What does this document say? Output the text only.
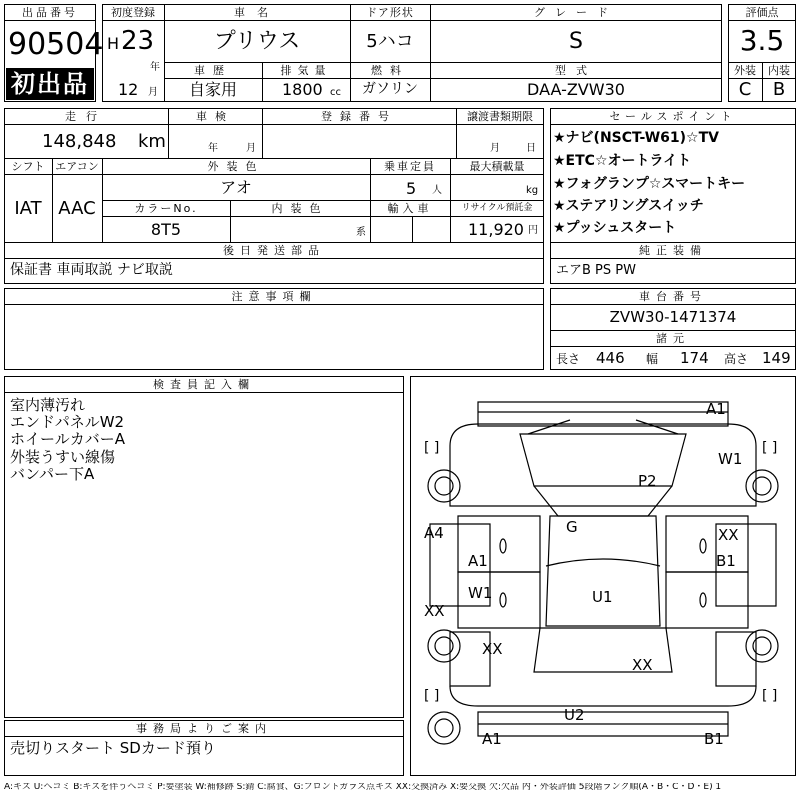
出品番号
90504
初出品
初度登録
H 23
年
12 月
車名
プリウス
ドア形状
5ハコ
グレード
S
車歴
自家用
排気量
1800 cc
燃料
ガソリン
型式
DAA-ZVW30
評価点
3.5
外装	内装
C	B
走行
148,848 km
車検
年	月
登録番号	譲渡書類期限
月	日
シフト
IAT
エアコン
AAC
外装色
アオ
乗車定員
5 人
最大積載量
kg
カラーNo.
8T5
内装色
系
輸入車	リサイクル預託金
11,920 円
後日発送部品
保証書 車両取説 ナビ取説
セールスポイント
★ナビ(NSCT-W61)☆TV
★ETC☆オートライト
★フォグランプ☆スマートキー
★ステアリングスイッチ
★プッシュスタート
純正装備
エアB PS PW
注意事項欄	車台番号
ZVW30-1471374
諸元
長さ 446 幅 174 高さ 149
検査員記入欄
室内薄汚れ
エンドパネルW2
ホイールカバーA
外装うすい線傷
バンパー下A
事務局よりご案内
売切りスタート SDカード預り
[ ]	[ ]
[ ]	[ ]
A1
W1
P2
G
A4	XX
A1	B1
W1	U1
XX
XX
XX
U2
A1	B1
A:キズ U:ヘコミ B:キズを伴うヘコミ P:要塗装 W:補修跡 S:錆 C:腐食、G:フロントガラス点キズ XX:交換済み X:要交換 欠:欠品 内・外装評価 5段階ランク順(A・B・C・D・E) 1
